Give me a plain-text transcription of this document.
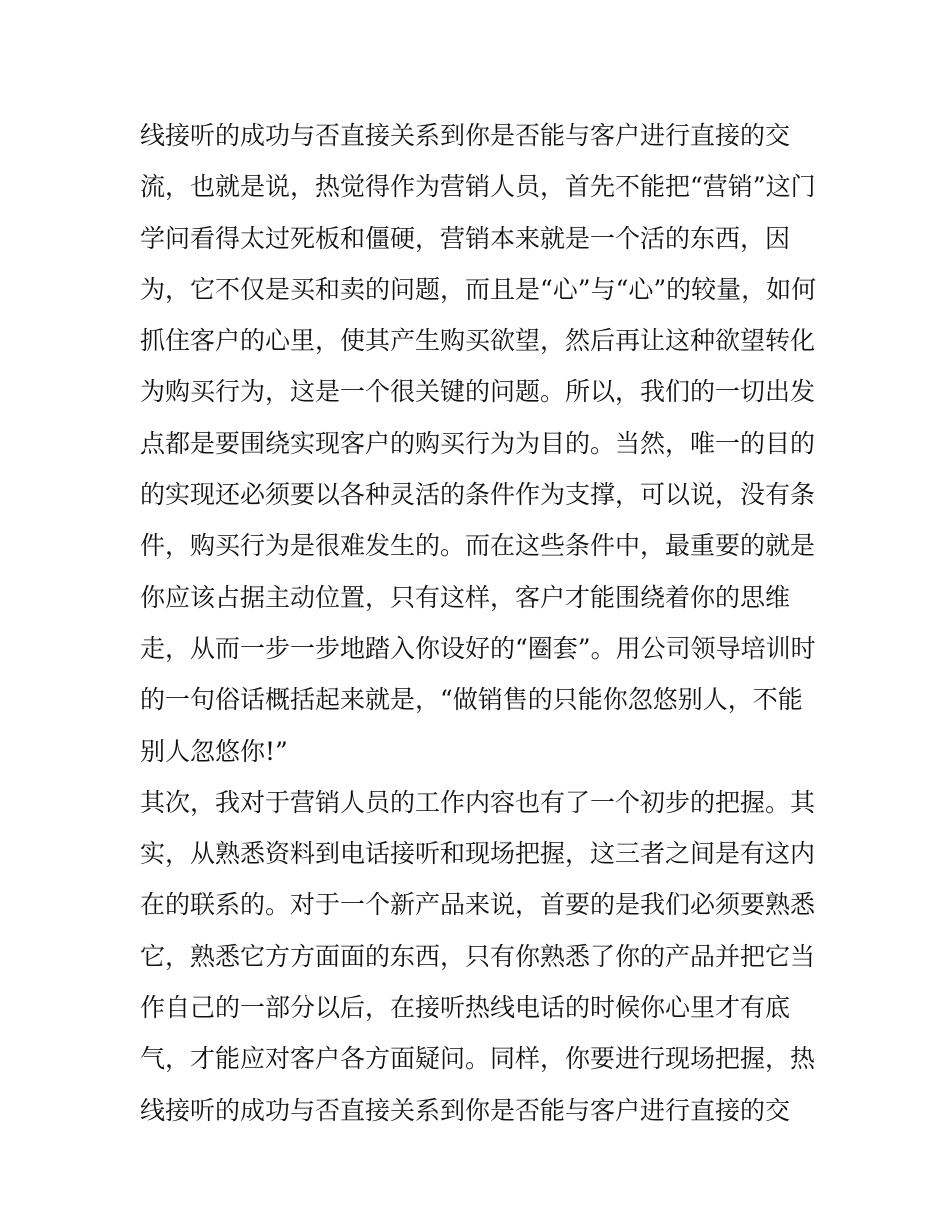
线接听的成功与否直接关系到你是否能与客户进行直接的交
流，也就是说，热觉得作为营销人员，首先不能把“营销”这门
学问看得太过死板和僵硬，营销本来就是一个活的东西，因
为，它不仅是买和卖的问题，而且是“心”与“心”的较量，如何
抓住客户的心里，使其产生购买欲望，然后再让这种欲望转化
为购买行为，这是一个很关键的问题。所以，我们的一切出发
点都是要围绕实现客户的购买行为为目的。当然，唯一的目的
的实现还必须要以各种灵活的条件作为支撑，可以说，没有条
件，购买行为是很难发生的。而在这些条件中，最重要的就是
你应该占据主动位置，只有这样，客户才能围绕着你的思维
走，从而一步一步地踏入你设好的“圈套”。用公司领导培训时
的一句俗话概括起来就是，“做销售的只能你忽悠别人，不能
别人忽悠你!”
其次，我对于营销人员的工作内容也有了一个初步的把握。其
实，从熟悉资料到电话接听和现场把握，这三者之间是有这内
在的联系的。对于一个新产品来说，首要的是我们必须要熟悉
它，熟悉它方方面面的东西，只有你熟悉了你的产品并把它当
作自己的一部分以后，在接听热线电话的时候你心里才有底
气，才能应对客户各方面疑问。同样，你要进行现场把握，热
线接听的成功与否直接关系到你是否能与客户进行直接的交
